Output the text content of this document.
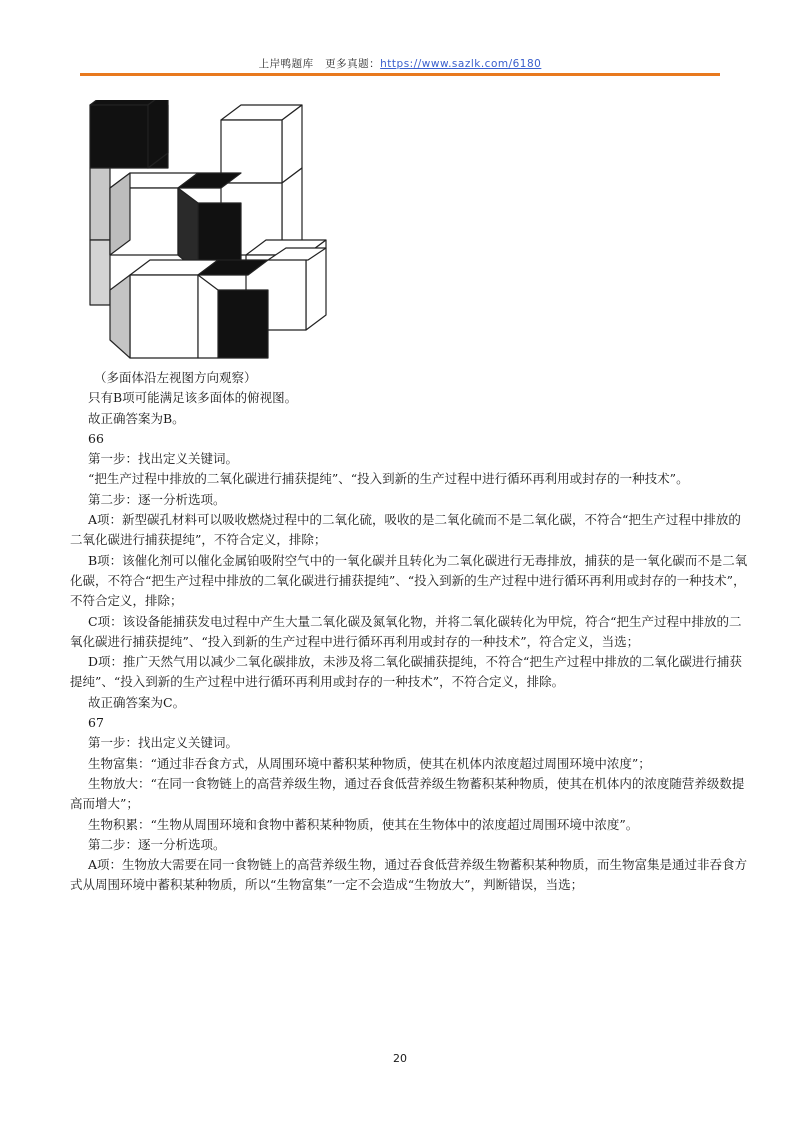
上岸鸭题库 更多真题：https://www.sazlk.com/6180

（多面体沿左视图方向观察）

只有B项可能满足该多面体的俯视图。

故正确答案为B。

66

第一步：找出定义关键词。

“把生产过程中排放的二氧化碳进行捕获提纯”、“投入到新的生产过程中进行循环再利用或封存的一种技术”。

第二步：逐一分析选项。

A项：新型碳孔材料可以吸收燃烧过程中的二氧化硫，吸收的是二氧化硫而不是二氧化碳，不符合“把生产过程中排放的二氧化碳进行捕获提纯”，不符合定义，排除；

B项：该催化剂可以催化金属铂吸附空气中的一氧化碳并且转化为二氧化碳进行无毒排放，捕获的是一氧化碳而不是二氧化碳，不符合“把生产过程中排放的二氧化碳进行捕获提纯”、“投入到新的生产过程中进行循环再利用或封存的一种技术”，不符合定义，排除；

C项：该设备能捕获发电过程中产生大量二氧化碳及氮氧化物，并将二氧化碳转化为甲烷，符合“把生产过程中排放的二氧化碳进行捕获提纯”、“投入到新的生产过程中进行循环再利用或封存的一种技术”，符合定义，当选；

D项：推广天然气用以减少二氧化碳排放，未涉及将二氧化碳捕获提纯，不符合“把生产过程中排放的二氧化碳进行捕获提纯”、“投入到新的生产过程中进行循环再利用或封存的一种技术”，不符合定义，排除。

故正确答案为C。

67

第一步：找出定义关键词。

生物富集：“通过非吞食方式，从周围环境中蓄积某种物质，使其在机体内浓度超过周围环境中浓度”；

生物放大：“在同一食物链上的高营养级生物，通过吞食低营养级生物蓄积某种物质，使其在机体内的浓度随营养级数提高而增大”；

生物积累：“生物从周围环境和食物中蓄积某种物质，使其在生物体中的浓度超过周围环境中浓度”。

第二步：逐一分析选项。

A项：生物放大需要在同一食物链上的高营养级生物，通过吞食低营养级生物蓄积某种物质，而生物富集是通过非吞食方式从周围环境中蓄积某种物质，所以“生物富集”一定不会造成“生物放大”，判断错误，当选；

20
